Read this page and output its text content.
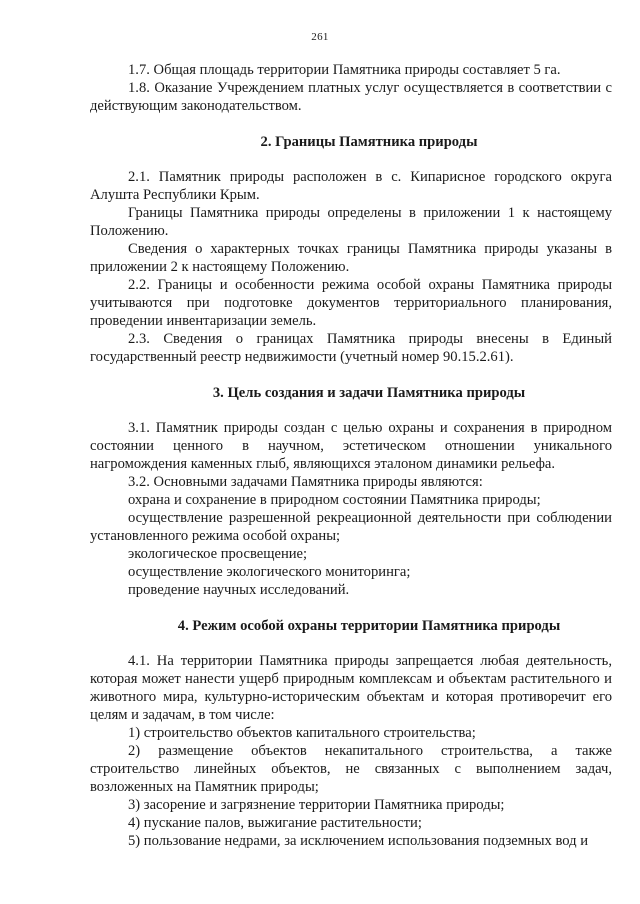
261

1.7. Общая площадь территории Памятника природы составляет 5 га.

1.8. Оказание Учреждением платных услуг осуществляется в соответствии с действующим законодательством.

2. Границы Памятника природы

2.1. Памятник природы расположен в с. Кипарисное городского округа Алушта Республики Крым.

Границы Памятника природы определены в приложении 1 к настоящему Положению.

Сведения о характерных точках границы Памятника природы указаны в приложении 2 к настоящему Положению.

2.2. Границы и особенности режима особой охраны Памятника природы учитываются при подготовке документов территориального планирования, проведении инвентаризации земель.

2.3. Сведения о границах Памятника природы внесены в Единый государственный реестр недвижимости (учетный номер 90.15.2.61).

3. Цель создания и задачи Памятника природы

3.1. Памятник природы создан с целью охраны и сохранения в природном состоянии ценного в научном, эстетическом отношении уникального нагромождения каменных глыб, являющихся эталоном динамики рельефа.

3.2. Основными задачами Памятника природы являются:

охрана и сохранение в природном состоянии Памятника природы;

осуществление разрешенной рекреационной деятельности при соблюдении установленного режима особой охраны;

экологическое просвещение;

осуществление экологического мониторинга;

проведение научных исследований.

4. Режим особой охраны территории Памятника природы

4.1. На территории Памятника природы запрещается любая деятельность, которая может нанести ущерб природным комплексам и объектам растительного и животного мира, культурно-историческим объектам и которая противоречит его целям и задачам, в том числе:

1) строительство объектов капитального строительства;

2) размещение объектов некапитального строительства, а также строительство линейных объектов, не связанных с выполнением задач, возложенных на Памятник природы;

3) засорение и загрязнение территории Памятника природы;

4) пускание палов, выжигание растительности;

5) пользование недрами, за исключением использования подземных вод и
